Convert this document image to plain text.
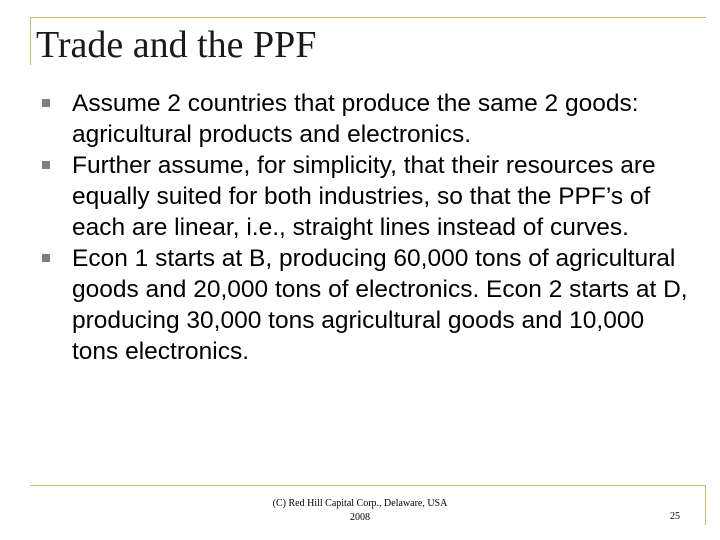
Trade and the PPF
Assume 2 countries that produce the same 2 goods: agricultural products and electronics.
Further assume, for simplicity, that their resources are equally suited for both industries, so that the PPF’s of each are linear, i.e., straight lines instead of curves.
Econ 1 starts at B, producing 60,000 tons of agricultural goods and 20,000 tons of electronics. Econ 2 starts at D, producing 30,000 tons agricultural goods and 10,000 tons electronics.
(C) Red Hill Capital Corp., Delaware, USA
2008	25
